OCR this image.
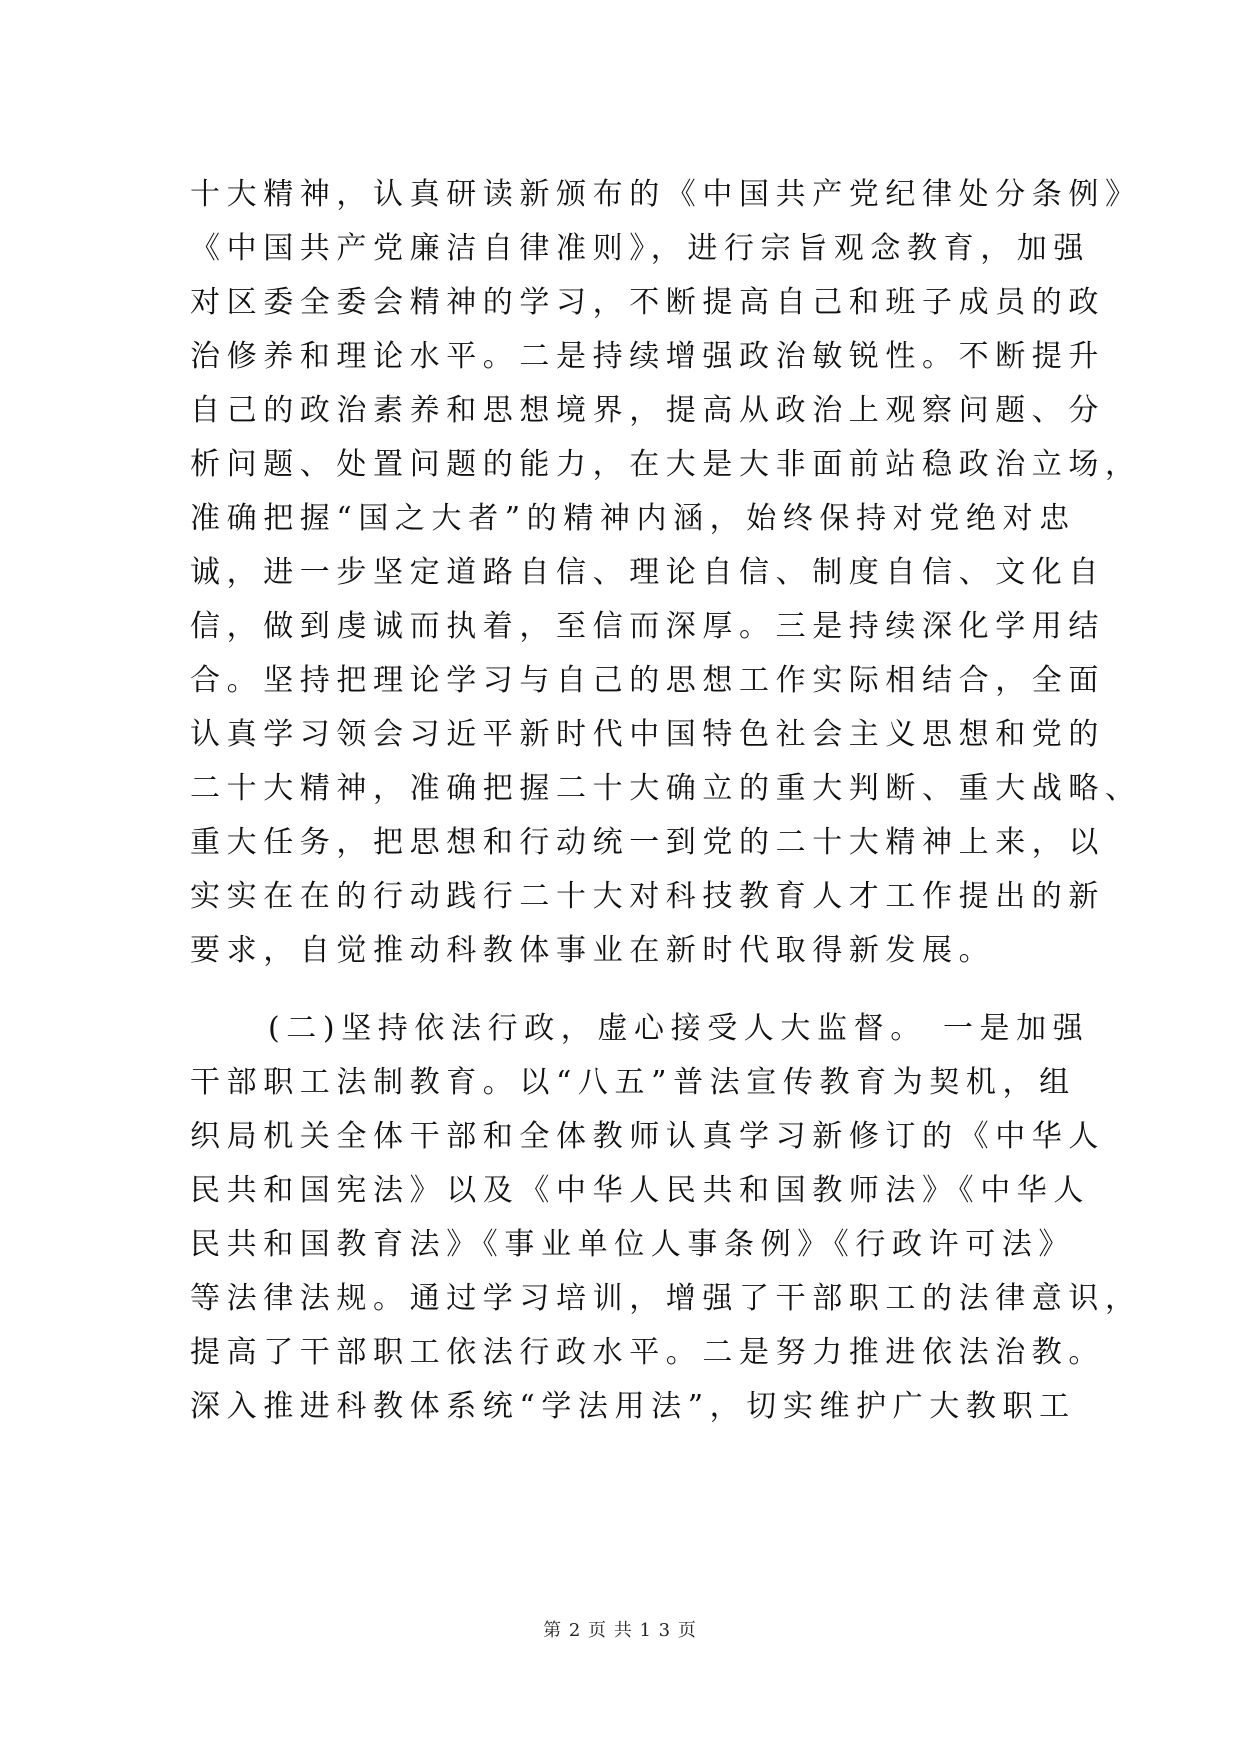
十大精神，认真研读新颁布的《中国共产党纪律处分条例》
《中国共产党廉洁自律准则》，进行宗旨观念教育，加强
对区委全委会精神的学习，不断提高自己和班子成员的政
治修养和理论水平。二是持续增强政治敏锐性。不断提升
自己的政治素养和思想境界，提高从政治上观察问题、分
析问题、处置问题的能力，在大是大非面前站稳政治立场，
准确把握“国之大者”的精神内涵，始终保持对党绝对忠
诚，进一步坚定道路自信、理论自信、制度自信、文化自
信，做到虔诚而执着，至信而深厚。三是持续深化学用结
合。坚持把理论学习与自己的思想工作实际相结合，全面
认真学习领会习近平新时代中国特色社会主义思想和党的
二十大精神，准确把握二十大确立的重大判断、重大战略、
重大任务，把思想和行动统一到党的二十大精神上来，以
实实在在的行动践行二十大对科技教育人才工作提出的新
要求，自觉推动科教体事业在新时代取得新发展。
(二)坚持依法行政，虚心接受人大监督。 一是加强
干部职工法制教育。以“八五”普法宣传教育为契机，组
织局机关全体干部和全体教师认真学习新修订的《中华人
民共和国宪法》以及《中华人民共和国教师法》《中华人
民共和国教育法》《事业单位人事条例》《行政许可法》
等法律法规。通过学习培训，增强了干部职工的法律意识，
提高了干部职工依法行政水平。二是努力推进依法治教。
深入推进科教体系统“学法用法”，切实维护广大教职工
第 2 页 共 1 3 页
